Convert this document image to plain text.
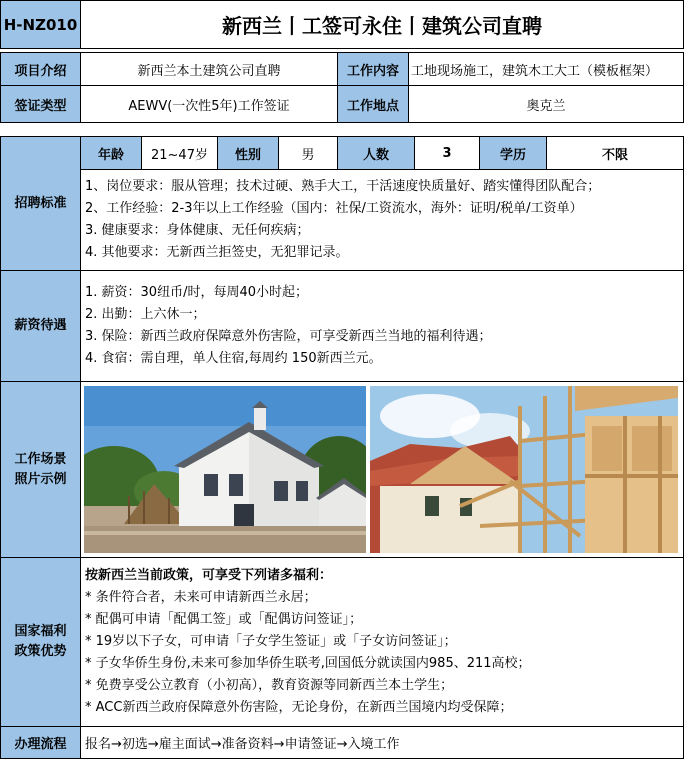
H-NZ010	新西兰丨工签可永住丨建筑公司直聘
项目介绍	新西兰本土建筑公司直聘	工作内容 工地现场施工，建筑木工大工（模板框架）
签证类型	AEWV(一次性5年)工作签证	工作地点	奥克兰
招聘标准
年龄	21~47岁	性别	男	人数	3	学历	不限
1、岗位要求：服从管理；技术过硬、熟手大工，干活速度快质量好、踏实懂得团队配合；
2、工作经验：2-3年以上工作经验（国内：社保/工资流水，海外：证明/税单/工资单）
3. 健康要求：身体健康、无任何疾病；
4. 其他要求：无新西兰拒签史，无犯罪记录。
薪资待遇
1. 薪资：30纽币/时，每周40小时起；
2. 出勤：上六休一；
3. 保险：新西兰政府保障意外伤害险，可享受新西兰当地的福利待遇；
4. 食宿：需自理，单人住宿,每周约 150新西兰元。
工作场景
照片示例
国家福利
政策优势
按新西兰当前政策，可享受下列诸多福利：
* 条件符合者，未来可申请新西兰永居；
* 配偶可申请「配偶工签」或「配偶访问签证」；
* 19岁以下子女，可申请「子女学生签证」或「子女访问签证」；
* 子女华侨生身份,未来可参加华侨生联考,回国低分就读国内985、211高校；
* 免费享受公立教育（小初高），教育资源等同新西兰本土学生；
* ACC新西兰政府保障意外伤害险，无论身份，在新西兰国境内均受保障；
办理流程	报名→初选→雇主面试→准备资料→申请签证→入境工作
